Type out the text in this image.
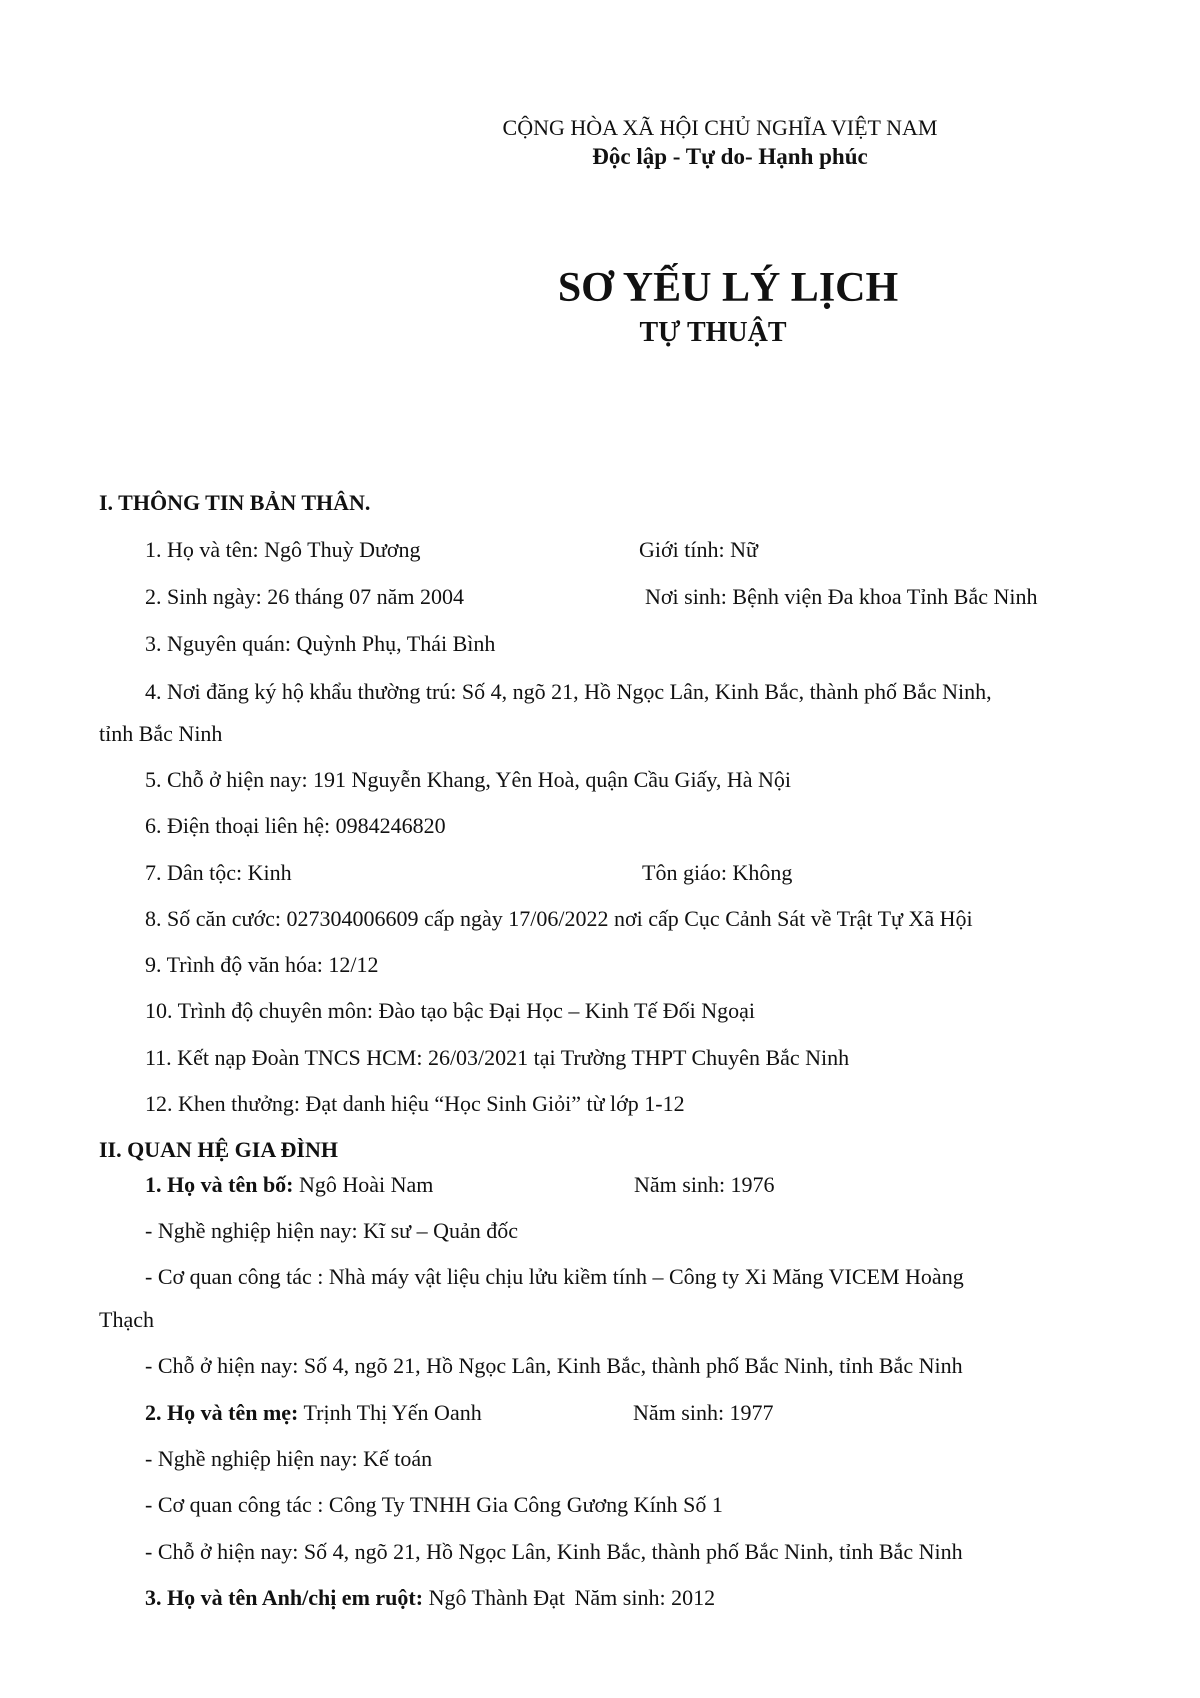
CỘNG HÒA XÃ HỘI CHỦ NGHĨA VIỆT NAM
Độc lập - Tự do- Hạnh phúc
SƠ YẾU LÝ LỊCH
TỰ THUẬT
I. THÔNG TIN BẢN THÂN.
1. Họ và tên: Ngô Thuỳ Dương	Giới tính: Nữ
2. Sinh ngày: 26 tháng 07 năm 2004	Nơi sinh: Bệnh viện Đa khoa Tỉnh Bắc Ninh
3. Nguyên quán: Quỳnh Phụ, Thái Bình
4. Nơi đăng ký hộ khẩu thường trú: Số 4, ngõ 21, Hồ Ngọc Lân, Kinh Bắc, thành phố Bắc Ninh,
tỉnh Bắc Ninh
5. Chỗ ở hiện nay: 191 Nguyễn Khang, Yên Hoà, quận Cầu Giấy, Hà Nội
6. Điện thoại liên hệ: 0984246820
7. Dân tộc: Kinh	Tôn giáo: Không
8. Số căn cước: 027304006609 cấp ngày 17/06/2022 nơi cấp Cục Cảnh Sát về Trật Tự Xã Hội
9. Trình độ văn hóa: 12/12
10. Trình độ chuyên môn: Đào tạo bậc Đại Học – Kinh Tế Đối Ngoại
11. Kết nạp Đoàn TNCS HCM: 26/03/2021 tại Trường THPT Chuyên Bắc Ninh
12. Khen thưởng: Đạt danh hiệu “Học Sinh Giỏi” từ lớp 1-12
II. QUAN HỆ GIA ĐÌNH
1. Họ và tên bố: Ngô Hoài Nam	Năm sinh: 1976
- Nghề nghiệp hiện nay: Kĩ sư – Quản đốc
- Cơ quan công tác : Nhà máy vật liệu chịu lửu kiềm tính – Công ty Xi Măng VICEM Hoàng
Thạch
- Chỗ ở hiện nay: Số 4, ngõ 21, Hồ Ngọc Lân, Kinh Bắc, thành phố Bắc Ninh, tỉnh Bắc Ninh
2. Họ và tên mẹ: Trịnh Thị Yến Oanh	Năm sinh: 1977
- Nghề nghiệp hiện nay: Kế toán
- Cơ quan công tác : Công Ty TNHH Gia Công Gương Kính Số 1
- Chỗ ở hiện nay: Số 4, ngõ 21, Hồ Ngọc Lân, Kinh Bắc, thành phố Bắc Ninh, tỉnh Bắc Ninh
3. Họ và tên Anh/chị em ruột: Ngô Thành Đạt Năm sinh: 2012
